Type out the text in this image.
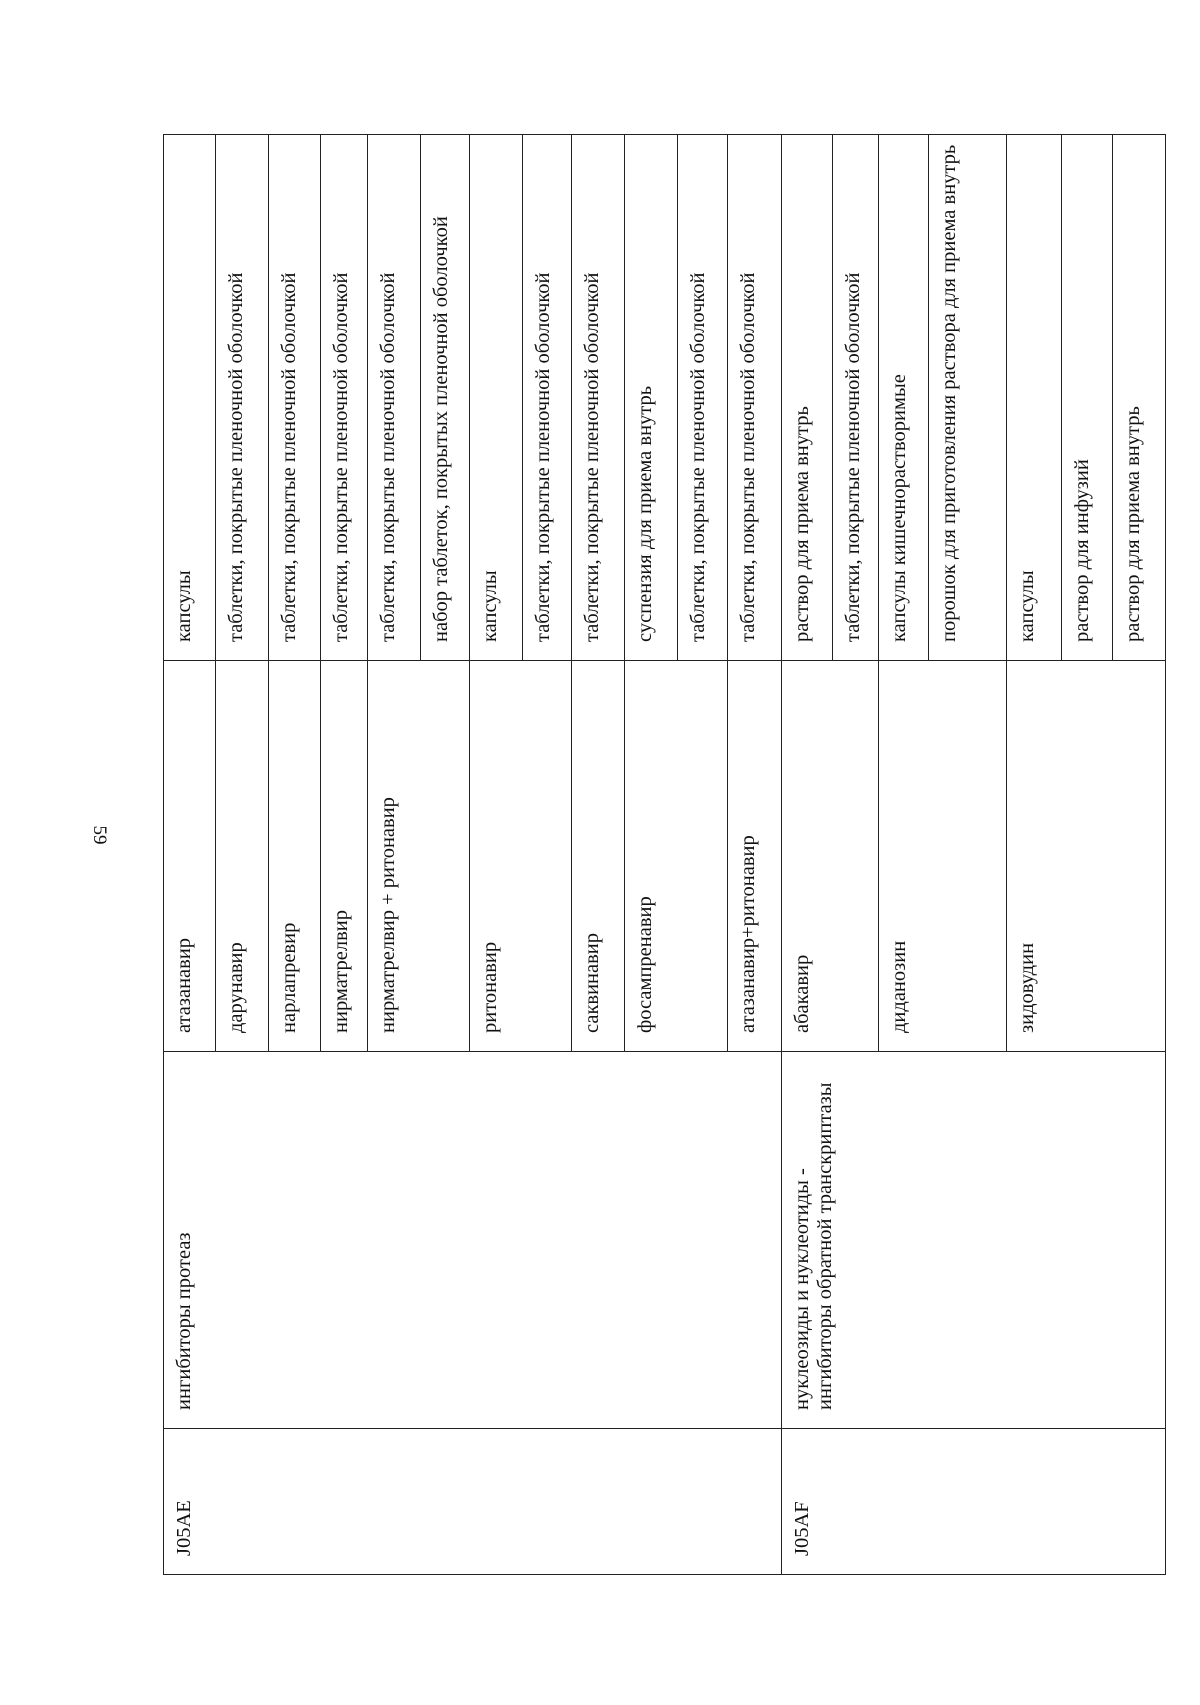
59
J05AE	ингибиторы протеаз	атазанавир	капсулы
		дарунавир	таблетки, покрытые пленочной оболочкой
		нарлапревир	таблетки, покрытые пленочной оболочкой
		нирматрелвир	таблетки, покрытые пленочной оболочкой
		нирматрелвир + ритонавир	таблетки, покрытые пленочной оболочкой
			набор таблеток, покрытых пленочной оболочкой
		ритонавир	капсулы
			таблетки, покрытые пленочной оболочкой
		саквинавир	таблетки, покрытые пленочной оболочкой
		фосампренавир	суспензия для приема внутрь
			таблетки, покрытые пленочной оболочкой
		атазанавир+ритонавир	таблетки, покрытые пленочной оболочкой
J05AF	нуклеозиды и нуклеотиды - ингибиторы обратной транскриптазы	абакавир	раствор для приема внутрь
			таблетки, покрытые пленочной оболочкой
		диданозин	капсулы кишечнорастворимые
			порошок для приготовления раствора для приема внутрь
		зидовудин	капсулы
			раствор для инфузий
			раствор для приема внутрь
